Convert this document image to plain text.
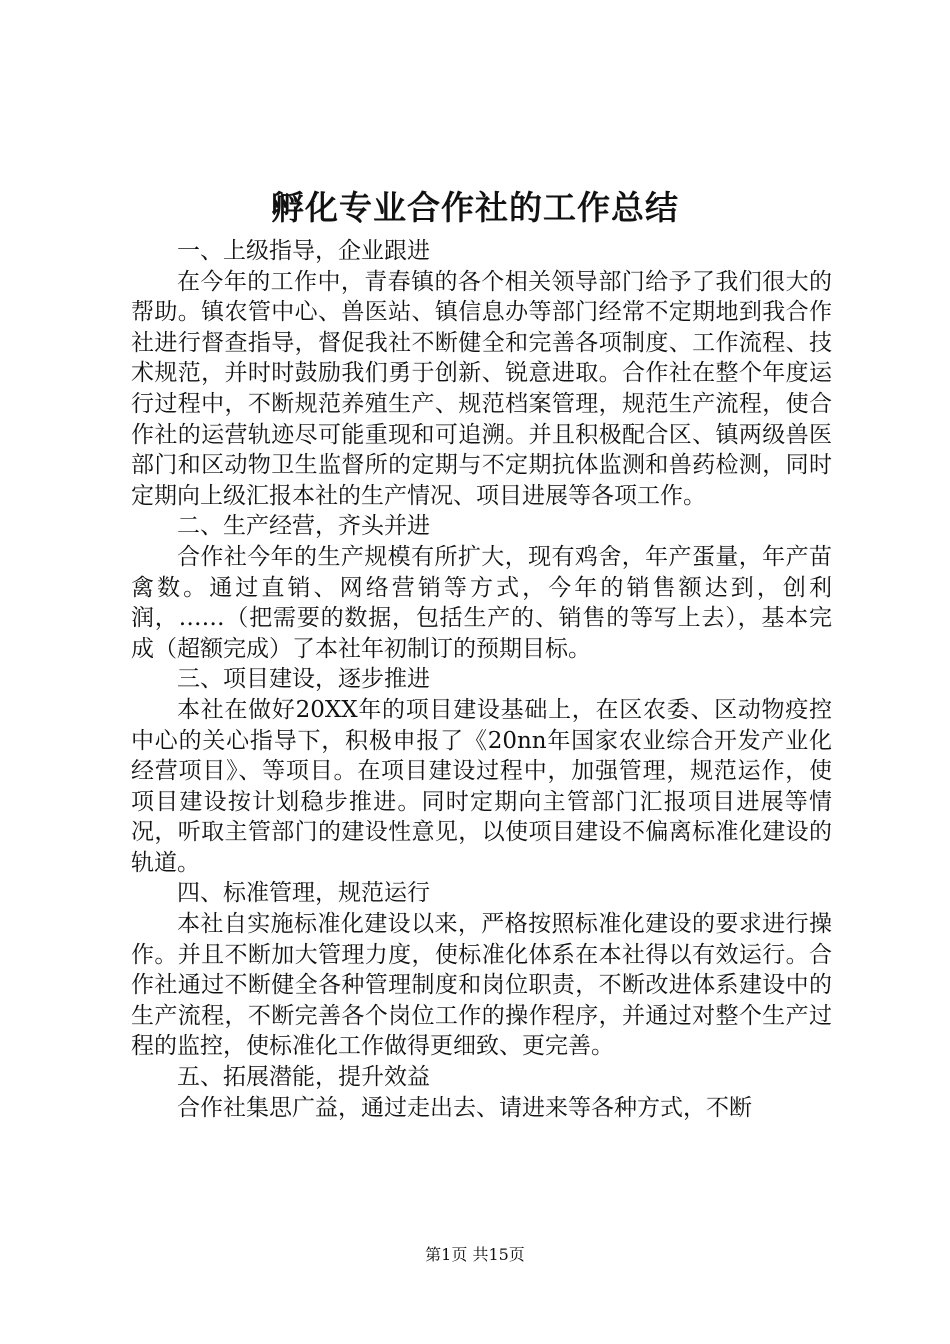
孵化专业合作社的工作总结

一、上级指导，企业跟进

在今年的工作中，青春镇的各个相关领导部门给予了我们很大的帮助。镇农管中心、兽医站、镇信息办等部门经常不定期地到我合作社进行督查指导，督促我社不断健全和完善各项制度、工作流程、技术规范，并时时鼓励我们勇于创新、锐意进取。合作社在整个年度运行过程中，不断规范养殖生产、规范档案管理，规范生产流程，使合作社的运营轨迹尽可能重现和可追溯。并且积极配合区、镇两级兽医部门和区动物卫生监督所的定期与不定期抗体监测和兽药检测，同时定期向上级汇报本社的生产情况、项目进展等各项工作。

二、生产经营，齐头并进

合作社今年的生产规模有所扩大，现有鸡舍，年产蛋量，年产苗禽数。通过直销、网络营销等方式，今年的销售额达到，创利润，……（把需要的数据，包括生产的、销售的等写上去），基本完成（超额完成）了本社年初制订的预期目标。

三、项目建设，逐步推进

本社在做好20XX年的项目建设基础上，在区农委、区动物疫控中心的关心指导下，积极申报了《20nn年国家农业综合开发产业化经营项目》、等项目。在项目建设过程中，加强管理，规范运作，使项目建设按计划稳步推进。同时定期向主管部门汇报项目进展等情况，听取主管部门的建设性意见，以使项目建设不偏离标准化建设的轨道。

四、标准管理，规范运行

本社自实施标准化建设以来，严格按照标准化建设的要求进行操作。并且不断加大管理力度，使标准化体系在本社得以有效运行。合作社通过不断健全各种管理制度和岗位职责，不断改进体系建设中的生产流程，不断完善各个岗位工作的操作程序，并通过对整个生产过程的监控，使标准化工作做得更细致、更完善。

五、拓展潜能，提升效益

合作社集思广益，通过走出去、请进来等各种方式，不断

第1页 共15页
